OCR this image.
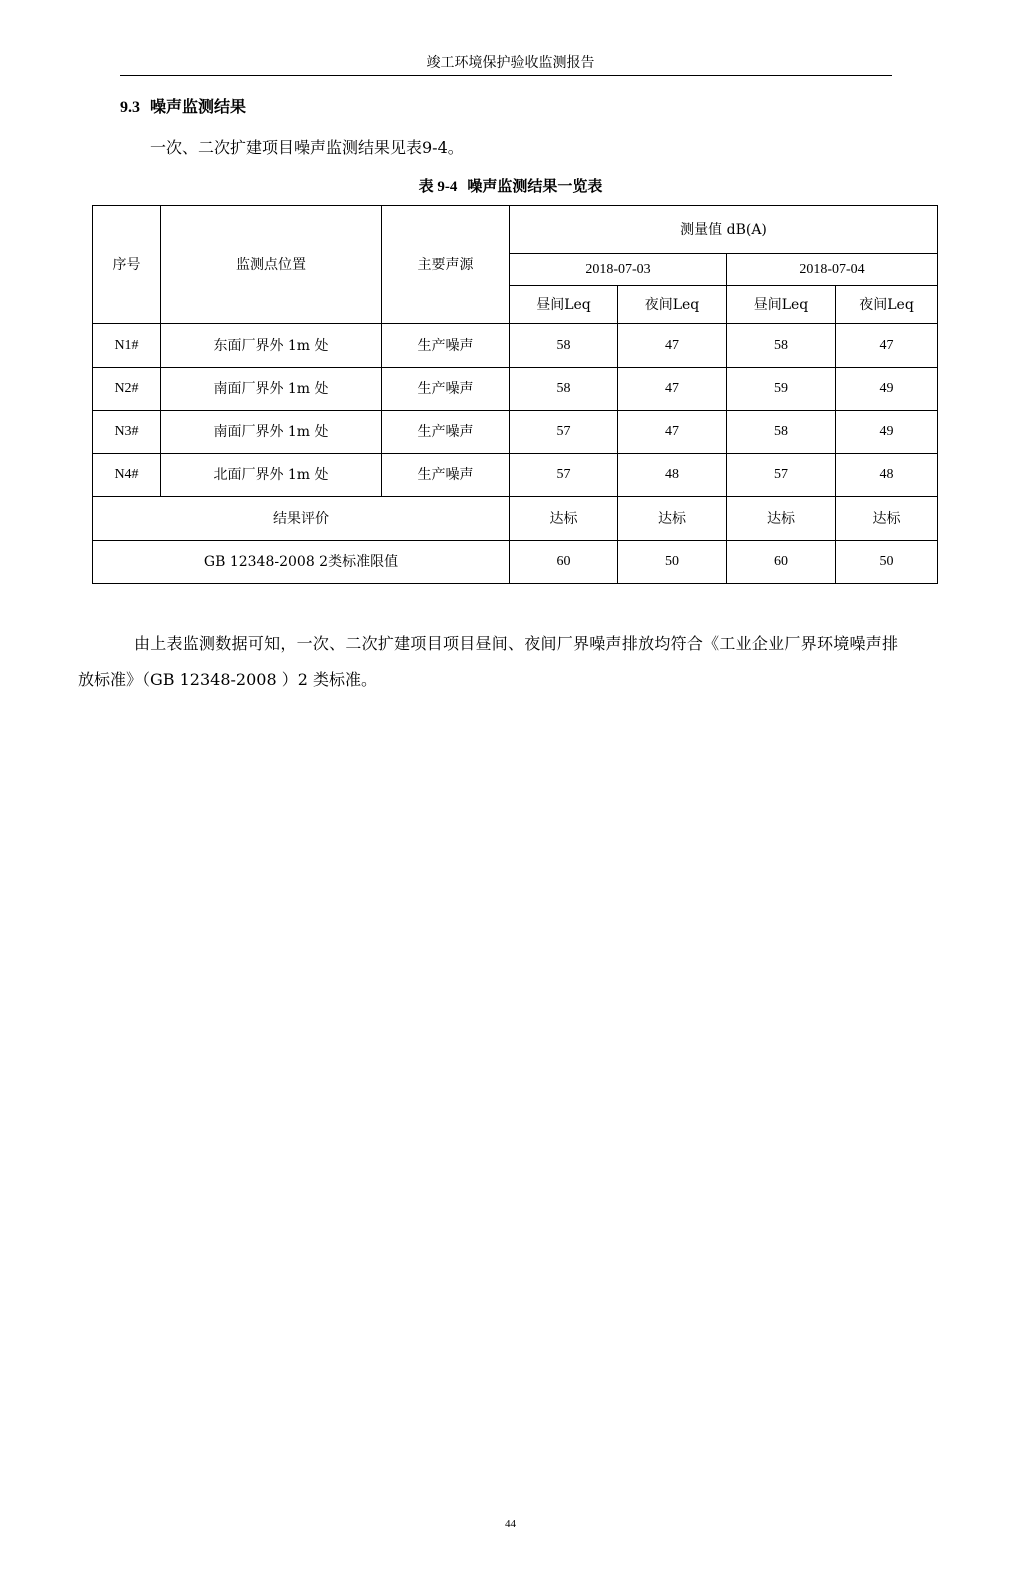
竣工环境保护验收监测报告
9.3 噪声监测结果
一次、二次扩建项目噪声监测结果见表9-4。
表 9-4 噪声监测结果一览表
序号	监测点位置	主要声源	测量值 dB(A)			
			2018-07-03		2018-07-04	
			昼间Leq	夜间Leq	昼间Leq	夜间Leq
N1#	东面厂界外 1m 处	生产噪声	58	47	58	47
N2#	南面厂界外 1m 处	生产噪声	58	47	59	49
N3#	南面厂界外 1m 处	生产噪声	57	47	58	49
N4#	北面厂界外 1m 处	生产噪声	57	48	57	48
结果评价			达标	达标	达标	达标
GB 12348-2008 2类标准限值			60	50	60	50
由上表监测数据可知，一次、二次扩建项目项目昼间、夜间厂界噪声排放均符合《工业企业厂界环境噪声排放标准》（GB 12348-2008 ）2 类标准。
44
